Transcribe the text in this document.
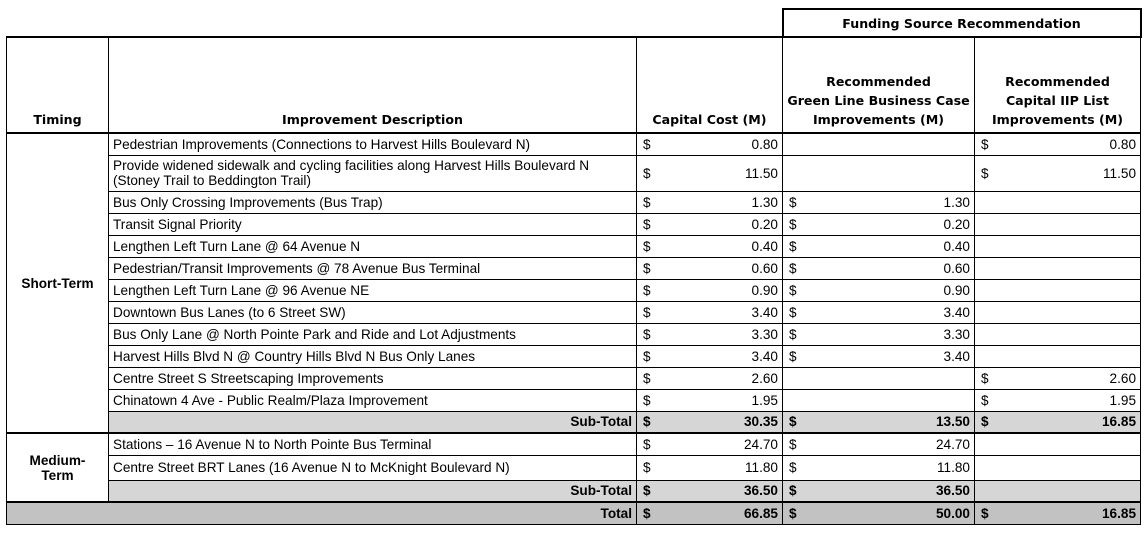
			Funding Source Recommendation	
Timing	Improvement Description	Capital Cost (M)	Recommended
Green Line Business Case
Improvements (M)	Recommended
Capital IIP List
Improvements (M)
Short-Term	Pedestrian Improvements (Connections to Harvest Hills Boulevard N)	$ 0.80		$ 0.80

	Provide widened sidewalk and cycling facilities along Harvest Hills Boulevard N (Stoney Trail to Beddington Trail)	$ 11.50		$ 11.50

	Bus Only Crossing Improvements (Bus Trap)	$ 1.30	$ 1.30	

	Transit Signal Priority	$ 0.20	$ 0.20	

	Lengthen Left Turn Lane @ 64 Avenue N	$ 0.40	$ 0.40	

	Pedestrian/Transit Improvements @ 78 Avenue Bus Terminal	$ 0.60	$ 0.60	

	Lengthen Left Turn Lane @ 96 Avenue NE	$ 0.90	$ 0.90	

	Downtown Bus Lanes (to 6 Street SW)	$ 3.40	$ 3.40	

	Bus Only Lane @ North Pointe Park and Ride and Lot Adjustments	$ 3.30	$ 3.30	

	Harvest Hills Blvd N @ Country Hills Blvd N Bus Only Lanes	$ 3.40	$ 3.40	

	Centre Street S Streetscaping Improvements	$ 2.60		$ 2.60

	Chinatown 4 Ave - Public Realm/Plaza Improvement	$ 1.95		$ 1.95

	Sub-Total	$ 30.35	$ 13.50	$ 16.85

Medium-
Term	Stations – 16 Avenue N to North Pointe Bus Terminal	$ 24.70	$ 24.70	

	Centre Street BRT Lanes (16 Avenue N to McKnight Boulevard N)	$ 11.80	$ 11.80	

	Sub-Total	$ 36.50	$ 36.50	

Total		$ 66.85	$ 50.00	$ 16.85
